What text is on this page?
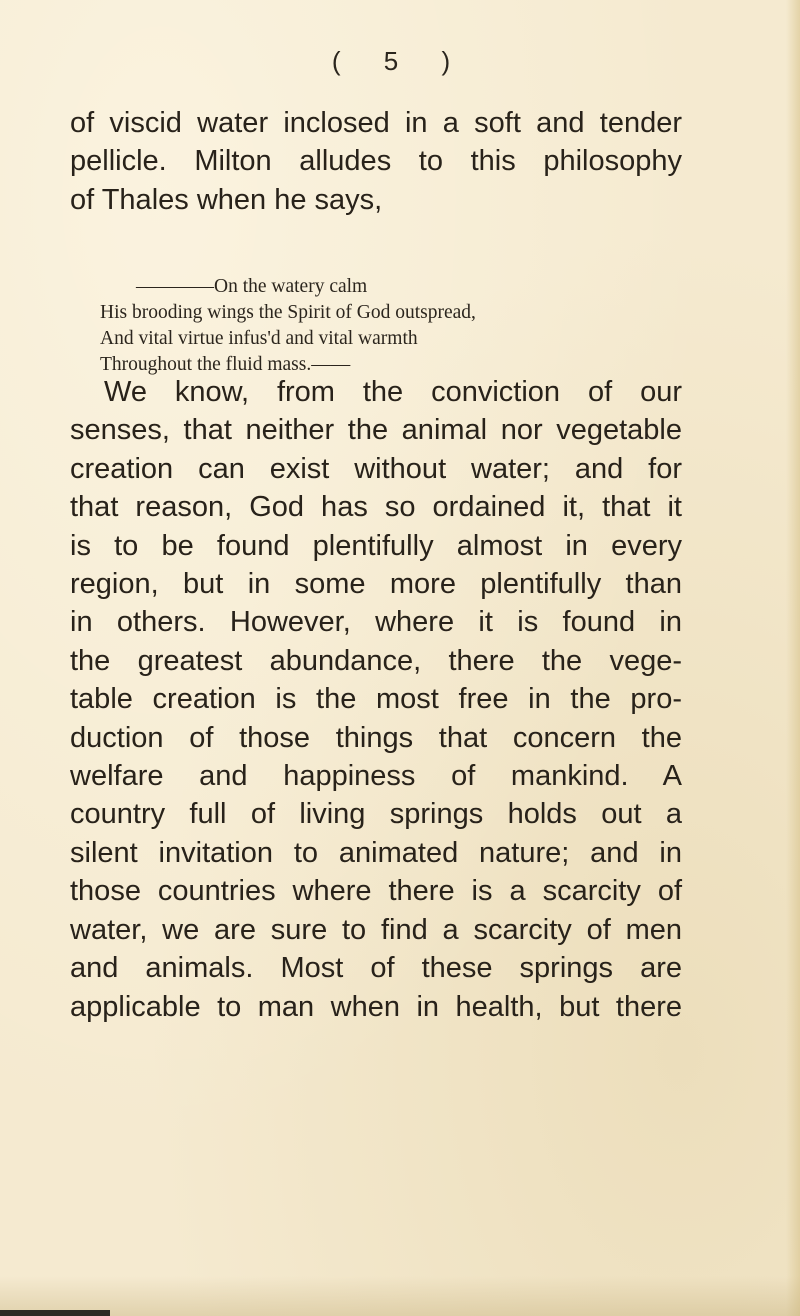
( 5 )
of viscid water inclosed in a soft and tender
pellicle. Milton alludes to this philosophy
of Thales when he says,
————On the watery calm
His brooding wings the Spirit of God outspread,
And vital virtue infus'd and vital warmth
Throughout the fluid mass.——
We know, from the conviction of our
senses, that neither the animal nor vegetable
creation can exist without water; and for
that reason, God has so ordained it, that it
is to be found plentifully almost in every
region, but in some more plentifully than
in others. However, where it is found in
the greatest abundance, there the vege-
table creation is the most free in the pro-
duction of those things that concern the
welfare and happiness of mankind. A
country full of living springs holds out a
silent invitation to animated nature; and in
those countries where there is a scarcity of
water, we are sure to find a scarcity of men
and animals. Most of these springs are
applicable to man when in health, but there
